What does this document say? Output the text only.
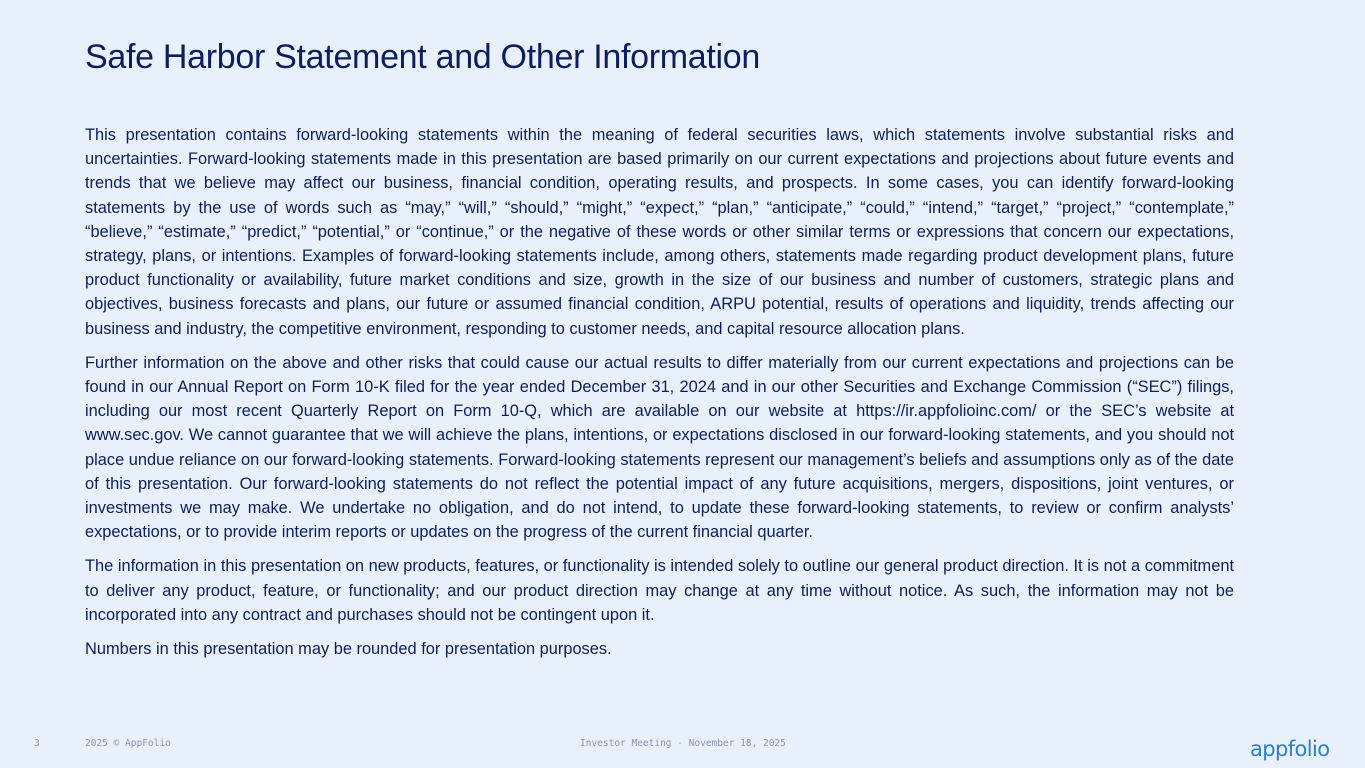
Safe Harbor Statement and Other Information

This presentation contains forward-looking statements within the meaning of federal securities laws, which statements involve substantial risks and uncertainties. Forward-looking statements made in this presentation are based primarily on our current expectations and projections about future events and trends that we believe may affect our business, financial condition, operating results, and prospects. In some cases, you can identify forward-looking statements by the use of words such as “may,” “will,” “should,” “might,” “expect,” “plan,” “anticipate,” “could,” “intend,” “target,” “project,” “contemplate,” “believe,” “estimate,” “predict,” “potential,” or “continue,” or the negative of these words or other similar terms or expressions that concern our expectations, strategy, plans, or intentions. Examples of forward-looking statements include, among others, statements made regarding product development plans, future product functionality or availability, future market conditions and size, growth in the size of our business and number of customers, strategic plans and objectives, business forecasts and plans, our future or assumed financial condition, ARPU potential, results of operations and liquidity, trends affecting our business and industry, the competitive environment, responding to customer needs, and capital resource allocation plans.

Further information on the above and other risks that could cause our actual results to differ materially from our current expectations and projections can be found in our Annual Report on Form 10-K filed for the year ended December 31, 2024 and in our other Securities and Exchange Commission (“SEC”) filings, including our most recent Quarterly Report on Form 10-Q, which are available on our website at https://ir.appfolioinc.com/ or the SEC’s website at www.sec.gov. We cannot guarantee that we will achieve the plans, intentions, or expectations disclosed in our forward-looking statements, and you should not place undue reliance on our forward-looking statements. Forward-looking statements represent our management’s beliefs and assumptions only as of the date of this presentation. Our forward-looking statements do not reflect the potential impact of any future acquisitions, mergers, dispositions, joint ventures, or investments we may make. We undertake no obligation, and do not intend, to update these forward-looking statements, to review or confirm analysts’ expectations, or to provide interim reports or updates on the progress of the current financial quarter.

The information in this presentation on new products, features, or functionality is intended solely to outline our general product direction. It is not a commitment to deliver any product, feature, or functionality; and our product direction may change at any time without notice. As such, the information may not be incorporated into any contract and purchases should not be contingent upon it.

Numbers in this presentation may be rounded for presentation purposes.

3	2025 © AppFolio	Investor Meeting - November 18, 2025	appfolio
